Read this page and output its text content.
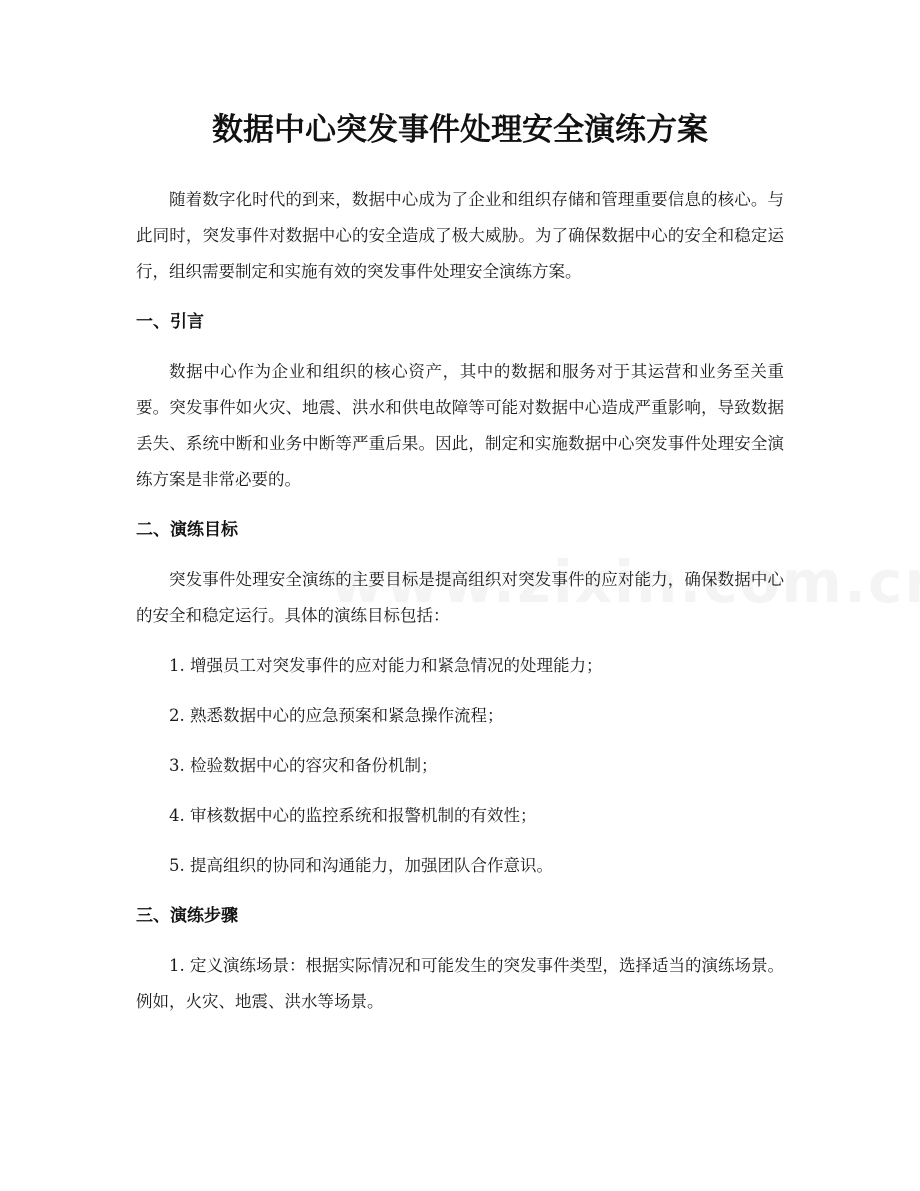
数据中心突发事件处理安全演练方案

随着数字化时代的到来，数据中心成为了企业和组织存储和管理重要信息的核心。与此同时，突发事件对数据中心的安全造成了极大威胁。为了确保数据中心的安全和稳定运行，组织需要制定和实施有效的突发事件处理安全演练方案。

一、引言

数据中心作为企业和组织的核心资产，其中的数据和服务对于其运营和业务至关重要。突发事件如火灾、地震、洪水和供电故障等可能对数据中心造成严重影响，导致数据丢失、系统中断和业务中断等严重后果。因此，制定和实施数据中心突发事件处理安全演练方案是非常必要的。

二、演练目标

突发事件处理安全演练的主要目标是提高组织对突发事件的应对能力，确保数据中心的安全和稳定运行。具体的演练目标包括：

1. 增强员工对突发事件的应对能力和紧急情况的处理能力；

2. 熟悉数据中心的应急预案和紧急操作流程；

3. 检验数据中心的容灾和备份机制；

4. 审核数据中心的监控系统和报警机制的有效性；

5. 提高组织的协同和沟通能力，加强团队合作意识。

三、演练步骤

1. 定义演练场景：根据实际情况和可能发生的突发事件类型，选择适当的演练场景。例如，火灾、地震、洪水等场景。
